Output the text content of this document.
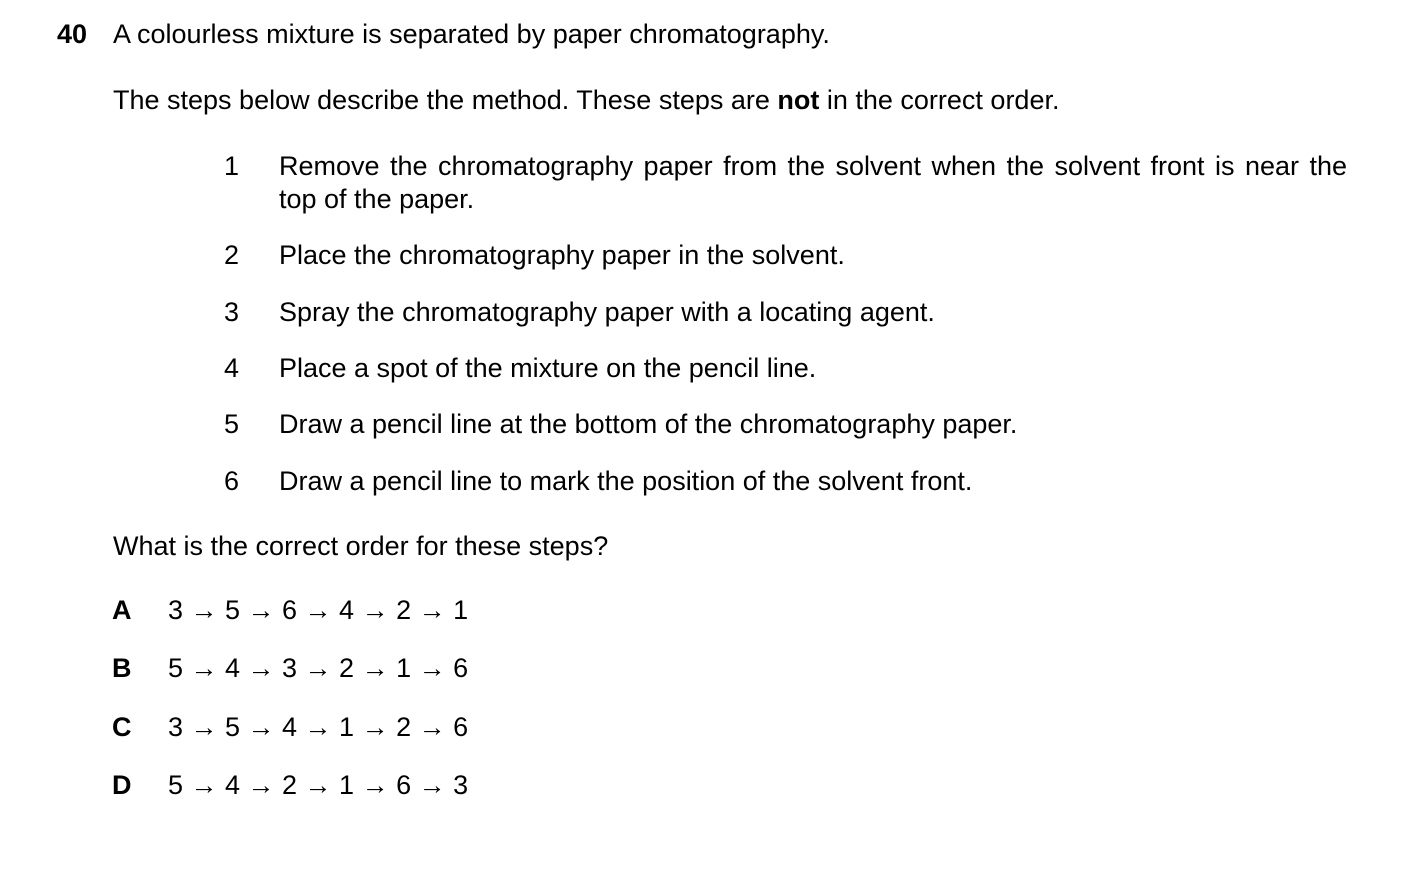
40 A colourless mixture is separated by paper chromatography.
The steps below describe the method. These steps are not in the correct order.
1 Remove the chromatography paper from the solvent when the solvent front is near the top of the paper.
2 Place the chromatography paper in the solvent.
3 Spray the chromatography paper with a locating agent.
4 Place a spot of the mixture on the pencil line.
5 Draw a pencil line at the bottom of the chromatography paper.
6 Draw a pencil line to mark the position of the solvent front.
What is the correct order for these steps?
A 3 → 5 → 6 → 4 → 2 → 1
B 5 → 4 → 3 → 2 → 1 → 6
C 3 → 5 → 4 → 1 → 2 → 6
D 5 → 4 → 2 → 1 → 6 → 3
